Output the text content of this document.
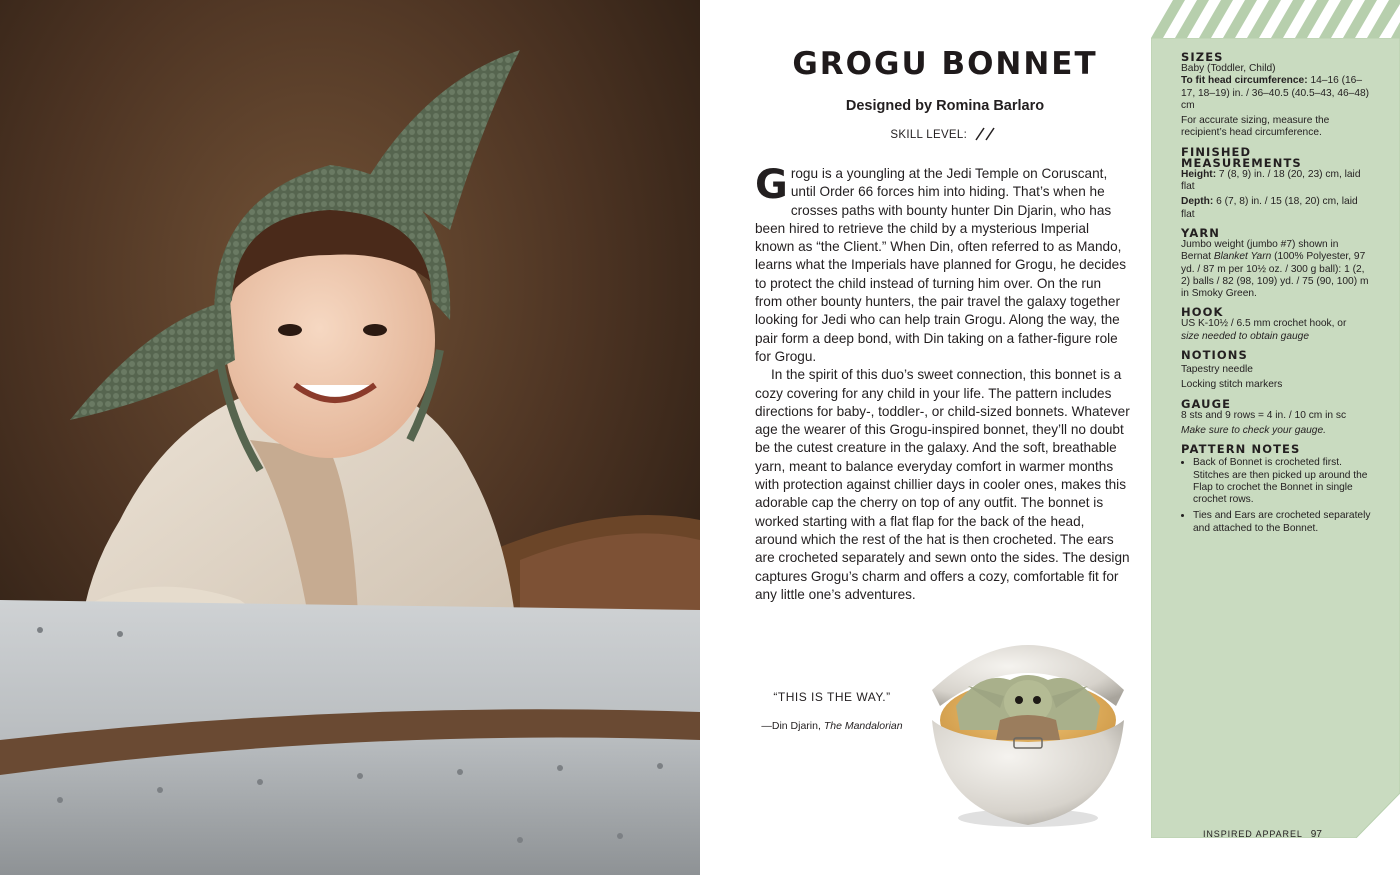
GROGU BONNET
Designed by Romina Barlaro
SKILL LEVEL:

Grogu is a youngling at the Jedi Temple on Coruscant, until Order 66 forces him into hiding. That’s when he crosses paths with bounty hunter Din Djarin, who has been hired to retrieve the child by a mysterious Imperial known as “the Client.” When Din, often referred to as Mando, learns what the Imperials have planned for Grogu, he decides to protect the child instead of turning him over. On the run from other bounty hunters, the pair travel the galaxy together looking for Jedi who can help train Grogu. Along the way, the pair form a deep bond, with Din taking on a father-figure role for Grogu.

In the spirit of this duo’s sweet connection, this bonnet is a cozy covering for any child in your life. The pattern includes directions for baby-, toddler-, or child-sized bonnets. Whatever age the wearer of this Grogu-inspired bonnet, they’ll no doubt be the cutest creature in the galaxy. And the soft, breathable yarn, meant to balance everyday comfort in warmer months with protection against chillier days in cooler ones, makes this adorable cap the cherry on top of any outfit. The bonnet is worked starting with a flat flap for the back of the head, around which the rest of the hat is then crocheted. The ears are crocheted separately and sewn onto the sides. The design captures Grogu’s charm and offers a cozy, comfortable fit for any little one’s adventures.

“THIS IS THE WAY.”
—Din Djarin, The Mandalorian
SIZES

Baby (Toddler, Child)

To fit head circumference: 14–16 (16–17, 18–19) in. / 36–40.5 (40.5–43, 46–48) cm

For accurate sizing, measure the recipient’s head circumference.

FINISHED MEASUREMENTS

Height: 7 (8, 9) in. / 18 (20, 23) cm, laid flat

Depth: 6 (7, 8) in. / 15 (18, 20) cm, laid flat

YARN

Jumbo weight (jumbo #7) shown in Bernat Blanket Yarn (100% Polyester, 97 yd. / 87 m per 10½ oz. / 300 g ball): 1 (2, 2) balls / 82 (98, 109) yd. / 75 (90, 100) m in Smoky Green.

HOOK

US K-10½ / 6.5 mm crochet hook, or

size needed to obtain gauge

NOTIONS

Tapestry needle

Locking stitch markers

GAUGE

8 sts and 9 rows = 4 in. / 10 cm in sc

Make sure to check your gauge.

PATTERN NOTES
• Back of Bonnet is crocheted first. Stitches are then picked up around the Flap to crochet the Bonnet in single crochet rows.
• Ties and Ears are crocheted separately and attached to the Bonnet.
INSPIRED APPAREL 97
